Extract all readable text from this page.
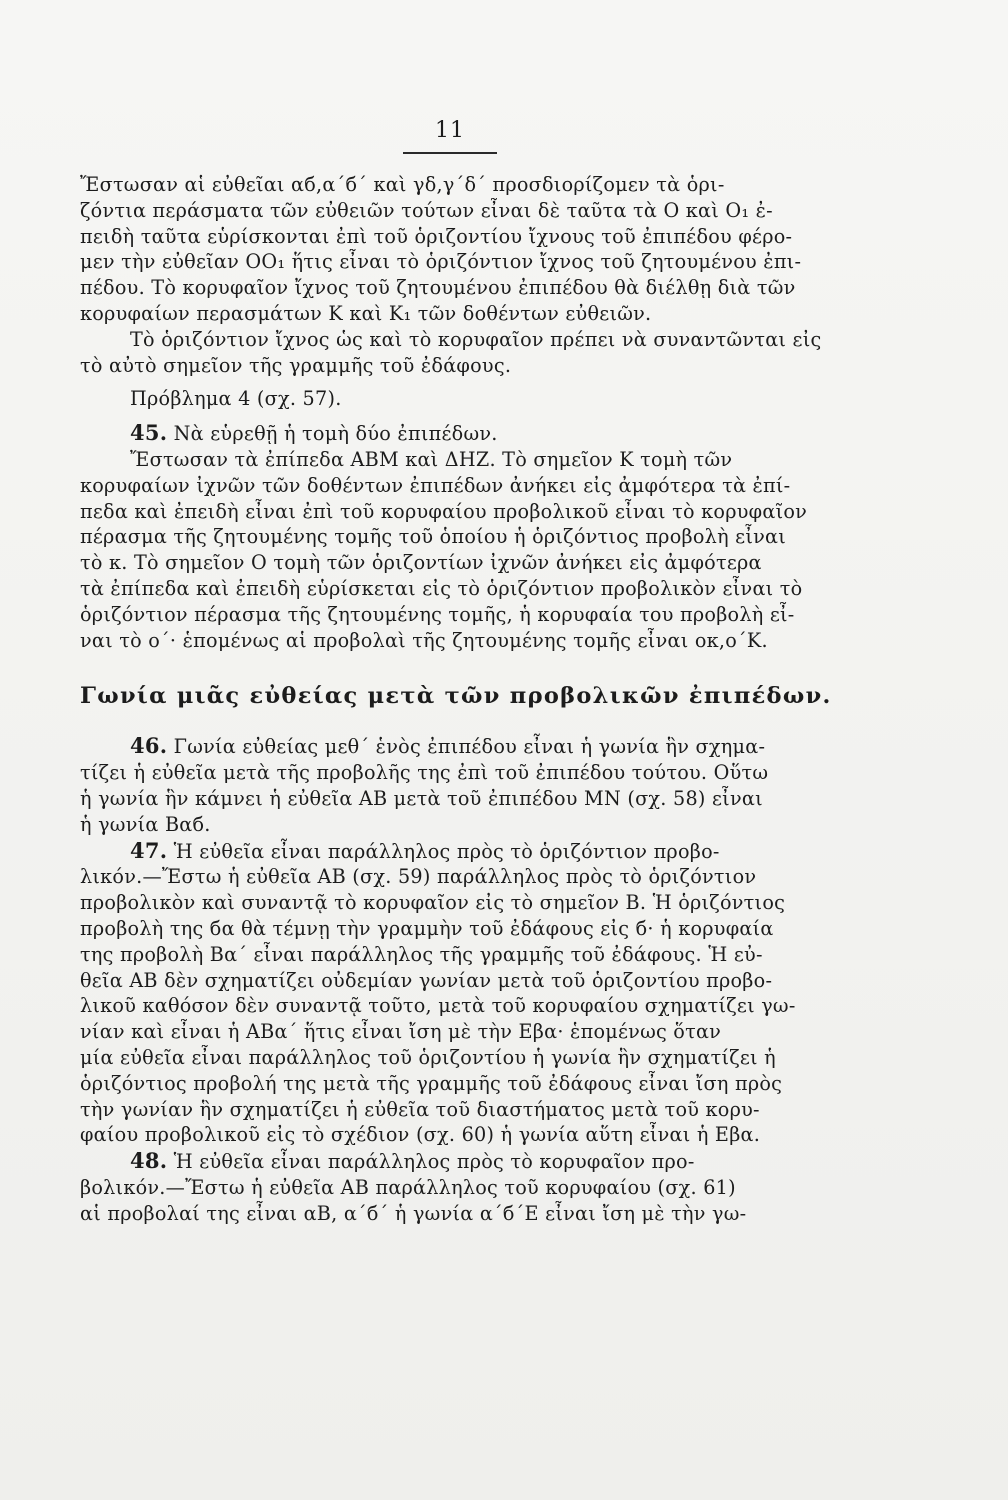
11
Ἔστωσαν αἱ εὐθεῖαι αб,α΄б΄ καὶ γδ,γ΄δ΄ προσδιορίζομεν τὰ ὁρι-
ζόντια περάσματα τῶν εὐθειῶν τούτων εἶναι δὲ ταῦτα τὰ Ο καὶ Ο₁ ἐ-
πειδὴ ταῦτα εὑρίσκονται ἐπὶ τοῦ ὁριζοντίου ἴχνους τοῦ ἐπιπέδου φέρο-
μεν τὴν εὐθεῖαν ΟΟ₁ ἥτις εἶναι τὸ ὁριζόντιον ἴχνος τοῦ ζητουμένου ἐπι-
πέδου. Τὸ κορυφαῖον ἴχνος τοῦ ζητουμένου ἐπιπέδου θὰ διέλθῃ διὰ τῶν
κορυφαίων περασμάτων Κ καὶ Κ₁ τῶν δοθέντων εὐθειῶν.
Τὸ ὁριζόντιον ἴχνος ὡς καὶ τὸ κορυφαῖον πρέπει νὰ συναντῶνται εἰς
τὸ αὐτὸ σημεῖον τῆς γραμμῆς τοῦ ἐδάφους.
Πρόβλημα 4 (σχ. 57).
45. Νὰ εὑρεθῇ ἡ τομὴ δύο ἐπιπέδων.
Ἔστωσαν τὰ ἐπίπεδα ΑΒΜ καὶ ΔΗΖ. Τὸ σημεῖον Κ τομὴ τῶν
κορυφαίων ἰχνῶν τῶν δοθέντων ἐπιπέδων ἀνήκει εἰς ἀμφότερα τὰ ἐπί-
πεδα καὶ ἐπειδὴ εἶναι ἐπὶ τοῦ κορυφαίου προβολικοῦ εἶναι τὸ κορυφαῖον
πέρασμα τῆς ζητουμένης τομῆς τοῦ ὁποίου ἡ ὁριζόντιος προβολὴ εἶναι
τὸ κ. Τὸ σημεῖον Ο τομὴ τῶν ὁριζοντίων ἰχνῶν ἀνήκει εἰς ἀμφότερα
τὰ ἐπίπεδα καὶ ἐπειδὴ εὑρίσκεται εἰς τὸ ὁριζόντιον προβολικὸν εἶναι τὸ
ὁριζόντιον πέρασμα τῆς ζητουμένης τομῆς, ἡ κορυφαία του προβολὴ εἶ-
ναι τὸ ο΄· ἑπομένως αἱ προβολαὶ τῆς ζητουμένης τομῆς εἶναι οκ,ο΄Κ.
Γωνία μιᾶς εὐθείας μετὰ τῶν προβολικῶν ἐπιπέδων.
46. Γωνία εὐθείας μεθ΄ ἑνὸς ἐπιπέδου εἶναι ἡ γωνία ἣν σχημα-
τίζει ἡ εὐθεῖα μετὰ τῆς προβολῆς της ἐπὶ τοῦ ἐπιπέδου τούτου. Οὕτω
ἡ γωνία ἣν κάμνει ἡ εὐθεῖα ΑΒ μετὰ τοῦ ἐπιπέδου ΜΝ (σχ. 58) εἶναι
ἡ γωνία Βαб.
47. Ἡ εὐθεῖα εἶναι παράλληλος πρὸς τὸ ὁριζόντιον προβο-
λικόν.—Ἔστω ἡ εὐθεῖα ΑΒ (σχ. 59) παράλληλος πρὸς τὸ ὁριζόντιον
προβολικὸν καὶ συναντᾷ τὸ κορυφαῖον εἰς τὸ σημεῖον Β. Ἡ ὁριζόντιος
προβολὴ της бα θὰ τέμνῃ τὴν γραμμὴν τοῦ ἐδάφους εἰς б· ἡ κορυφαία
της προβολὴ Βα΄ εἶναι παράλληλος τῆς γραμμῆς τοῦ ἐδάφους. Ἡ εὐ-
θεῖα ΑΒ δὲν σχηματίζει οὐδεμίαν γωνίαν μετὰ τοῦ ὁριζοντίου προβο-
λικοῦ καθόσον δὲν συναντᾷ τοῦτο, μετὰ τοῦ κορυφαίου σχηματίζει γω-
νίαν καὶ εἶναι ἡ ΑΒα΄ ἥτις εἶναι ἴση μὲ τὴν Εβα· ἑπομένως ὅταν
μία εὐθεῖα εἶναι παράλληλος τοῦ ὁριζοντίου ἡ γωνία ἣν σχηματίζει ἡ
ὁριζόντιος προβολή της μετὰ τῆς γραμμῆς τοῦ ἐδάφους εἶναι ἴση πρὸς
τὴν γωνίαν ἣν σχηματίζει ἡ εὐθεῖα τοῦ διαστήματος μετὰ τοῦ κορυ-
φαίου προβολικοῦ εἰς τὸ σχέδιον (σχ. 60) ἡ γωνία αὕτη εἶναι ἡ Εβα.
48. Ἡ εὐθεῖα εἶναι παράλληλος πρὸς τὸ κορυφαῖον προ-
βολικόν.—Ἔστω ἡ εὐθεῖα ΑΒ παράλληλος τοῦ κορυφαίου (σχ. 61)
αἱ προβολαί της εἶναι αΒ, α΄б΄ ἡ γωνία α΄б΄Ε εἶναι ἴση μὲ τὴν γω-
